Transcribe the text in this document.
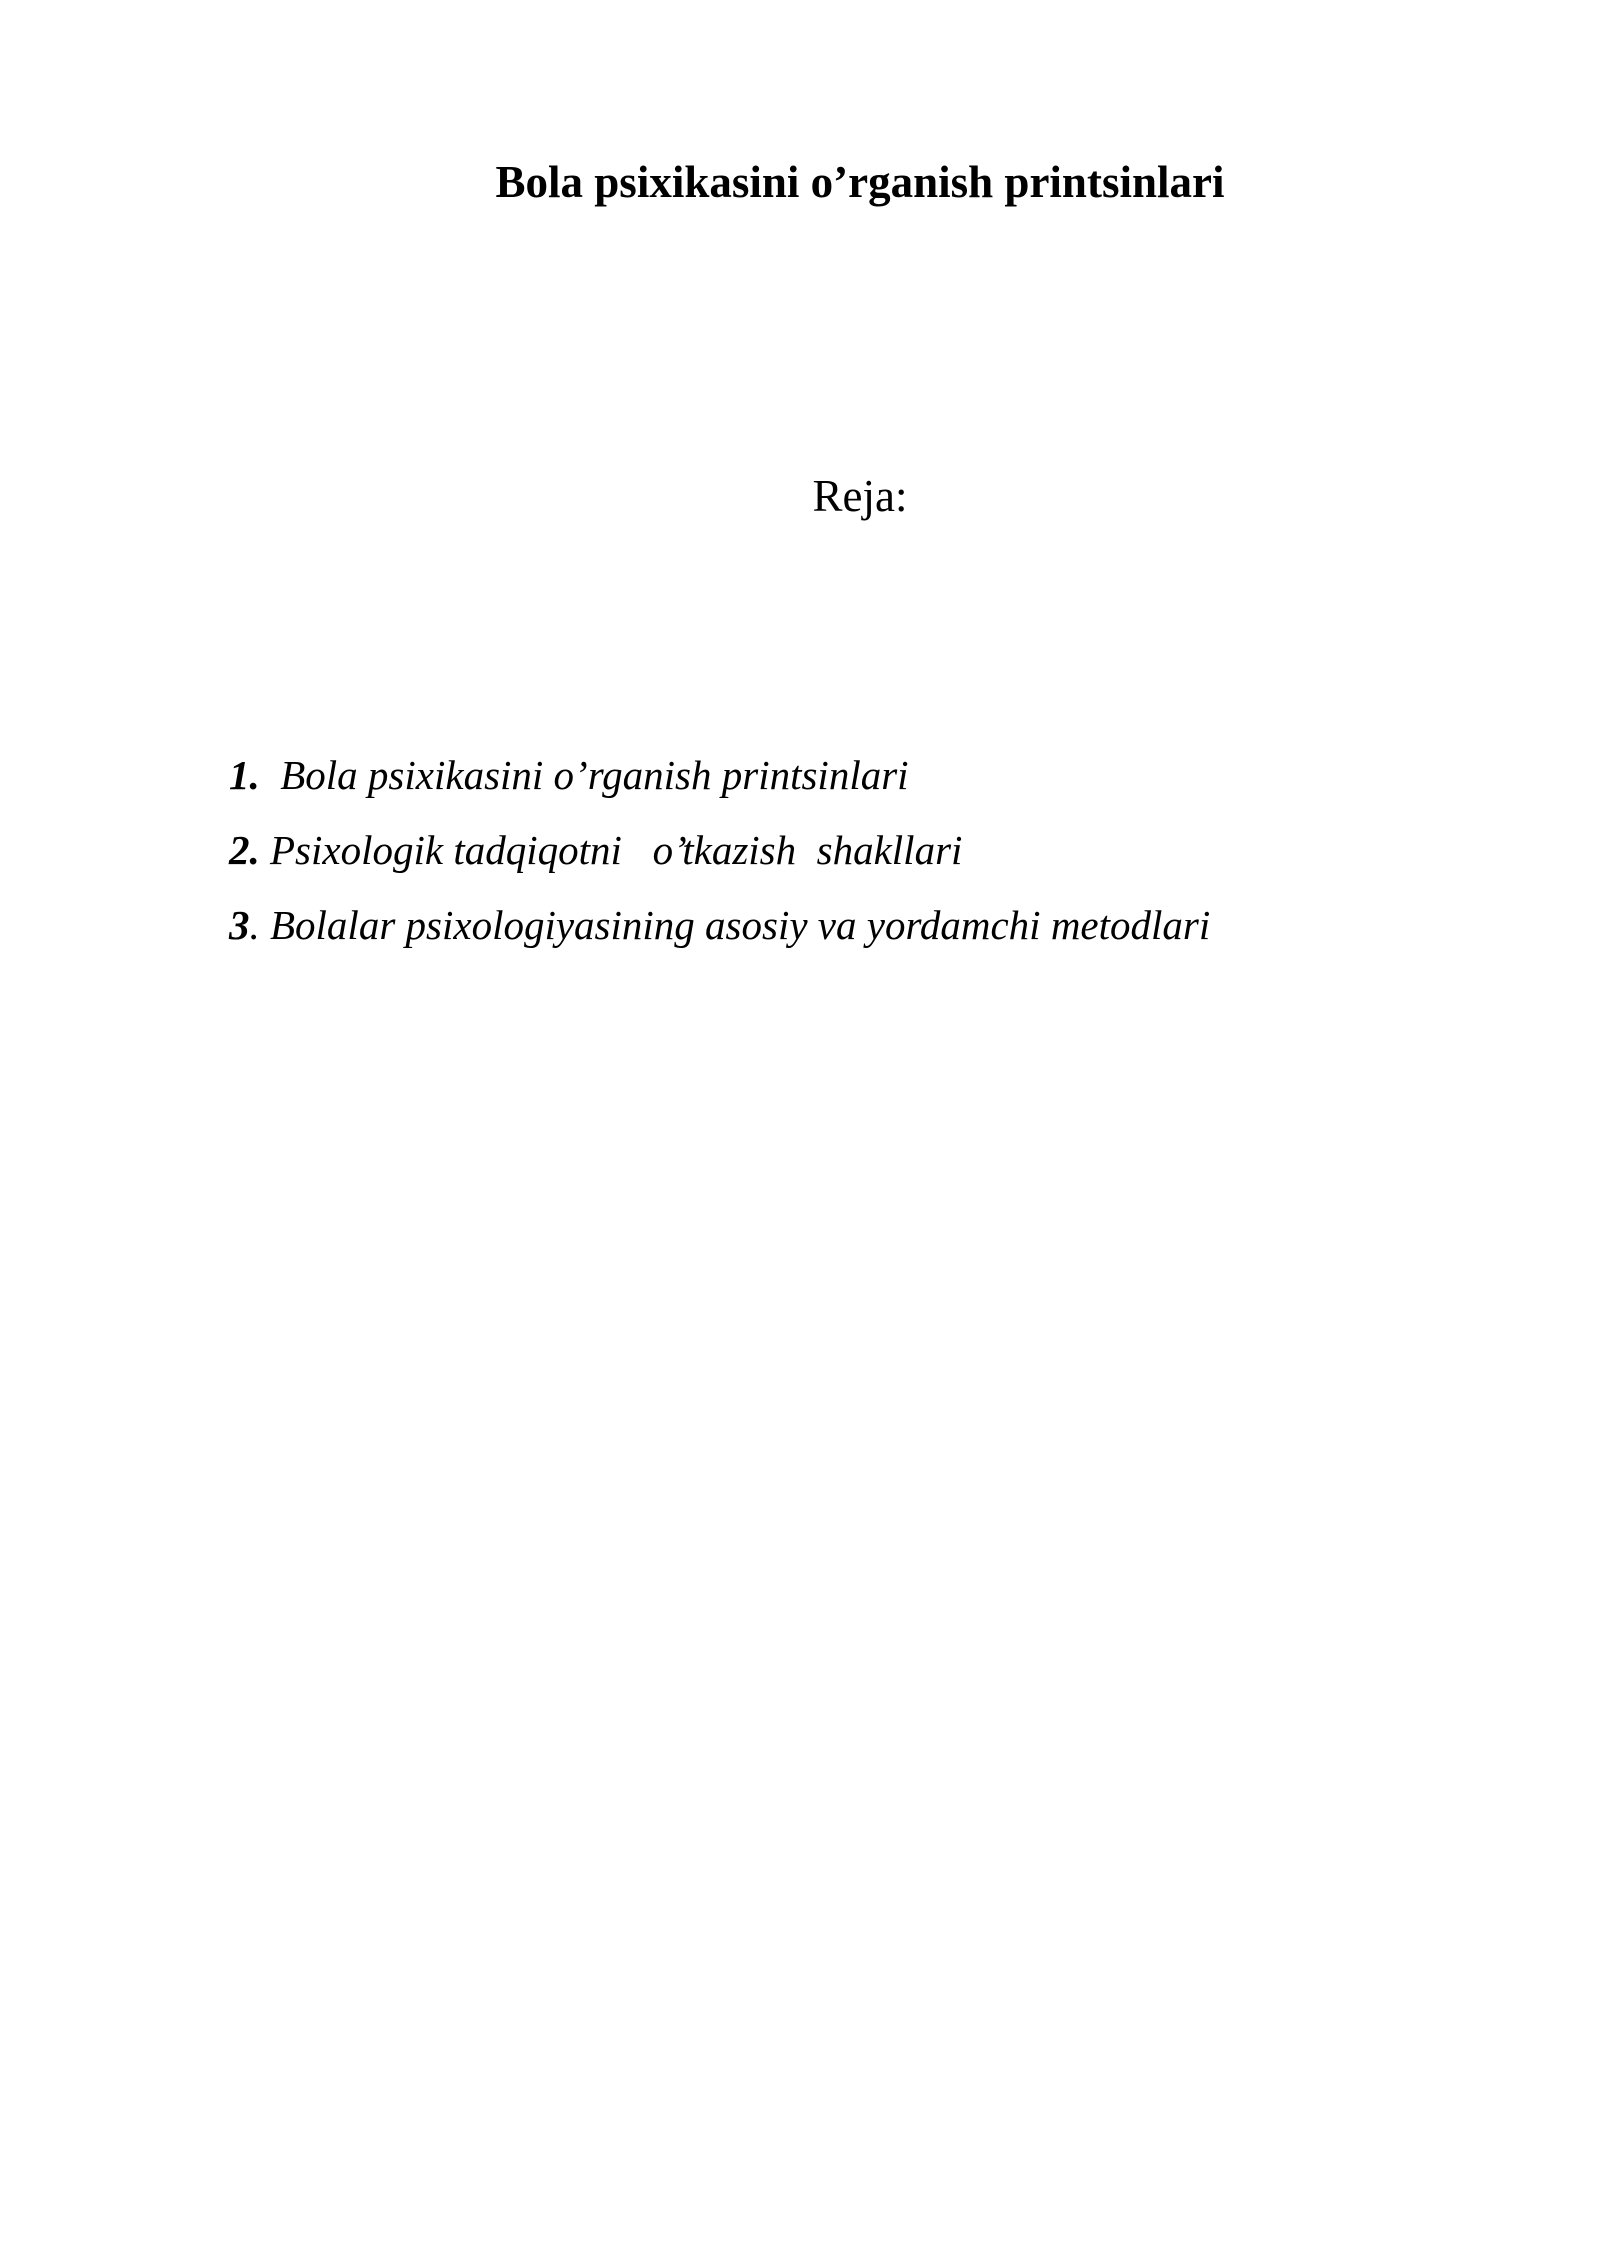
Bola psixikasini o’rganish printsinlari
Reja:
1. Bola psixikasini o’rganish printsinlari
2. Psixologik tadqiqotni   o’tkazish  shakllari
3. Bolalar psixologiyasining asosiy va yordamchi metodlari
